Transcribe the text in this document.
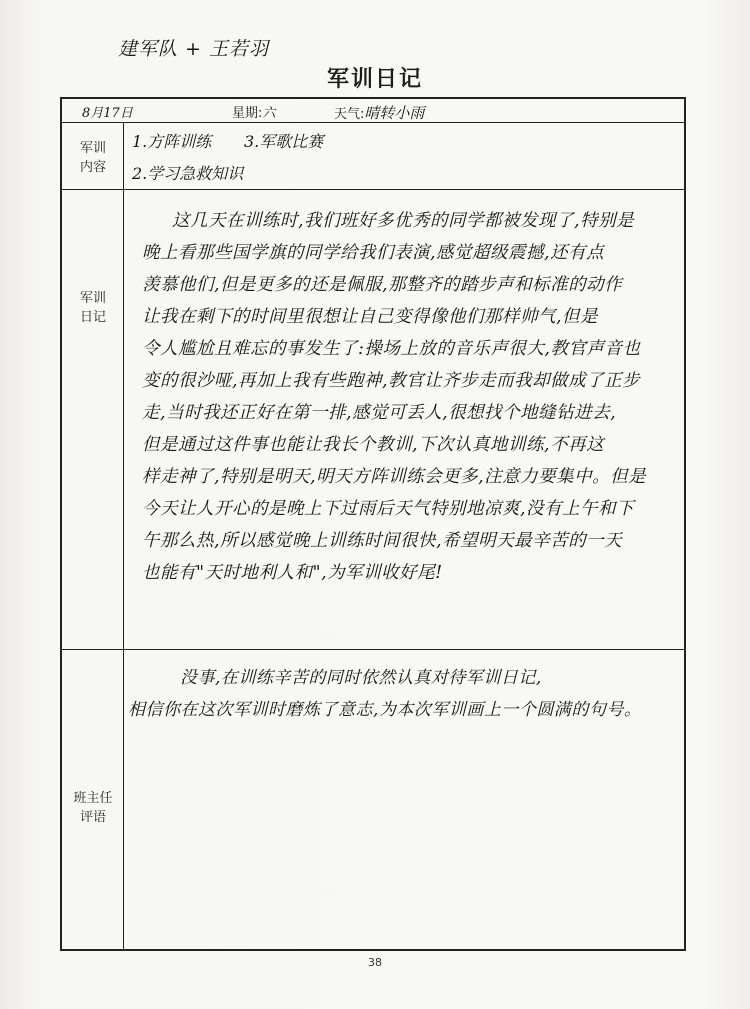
建军队 + 王若羽
军训日记
8月17日	星期:六	天气:晴转小雨
军训
内容
军训
日记
班主任
评语
1.方阵训练 3.军歌比赛
2.学习急救知识
这几天在训练时,我们班好多优秀的同学都被发现了,特别是
晚上看那些国学旗的同学给我们表演,感觉超级震撼,还有点
羡慕他们,但是更多的还是佩服,那整齐的踏步声和标准的动作
让我在剩下的时间里很想让自己变得像他们那样帅气,但是
令人尴尬且难忘的事发生了:操场上放的音乐声很大,教官声音也
变的很沙哑,再加上我有些跑神,教官让齐步走而我却做成了正步
走,当时我还正好在第一排,感觉可丢人,很想找个地缝钻进去,
但是通过这件事也能让我长个教训,下次认真地训练,不再这
样走神了,特别是明天,明天方阵训练会更多,注意力要集中。但是
今天让人开心的是晚上下过雨后天气特别地凉爽,没有上午和下
午那么热,所以感觉晚上训练时间很快,希望明天最辛苦的一天
也能有"天时地利人和",为军训收好尾!
没事,在训练辛苦的同时依然认真对待军训日记,
相信你在这次军训时磨炼了意志,为本次军训画上一个圆满的句号。
38
